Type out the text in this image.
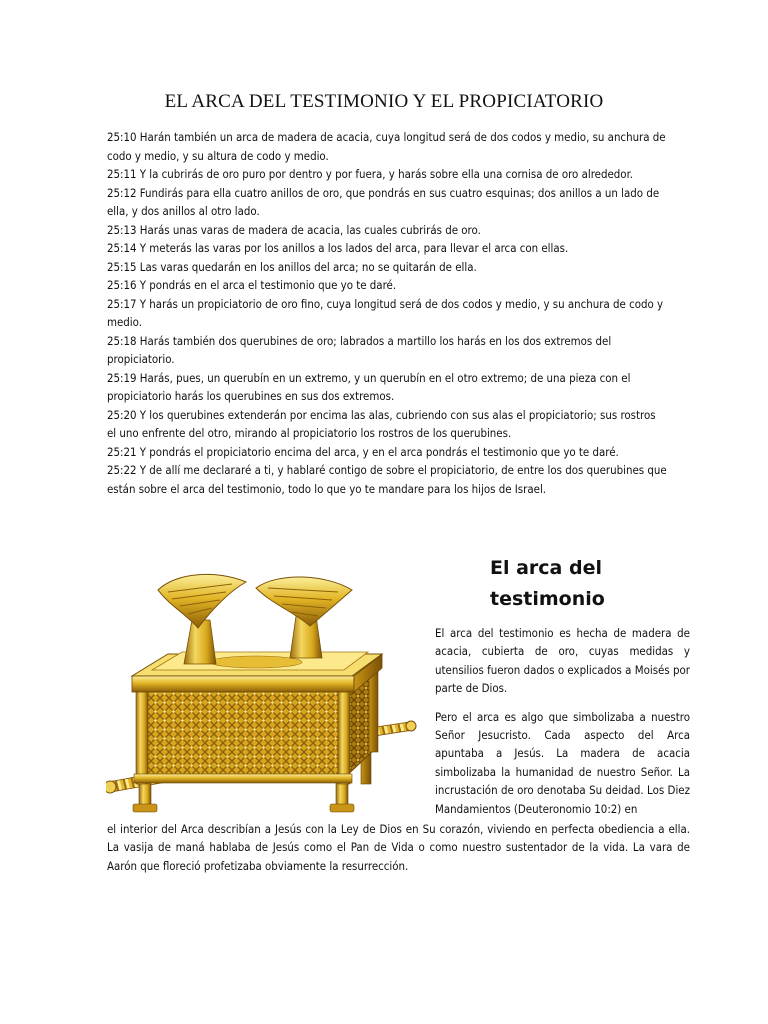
EL ARCA DEL TESTIMONIO Y EL PROPICIATORIO

25:10 Harán también un arca de madera de acacia, cuya longitud será de dos codos y medio, su anchura de codo y medio, y su altura de codo y medio.

25:11 Y la cubrirás de oro puro por dentro y por fuera, y harás sobre ella una cornisa de oro alrededor.

25:12 Fundirás para ella cuatro anillos de oro, que pondrás en sus cuatro esquinas; dos anillos a un lado de ella, y dos anillos al otro lado.

25:13 Harás unas varas de madera de acacia, las cuales cubrirás de oro.

25:14 Y meterás las varas por los anillos a los lados del arca, para llevar el arca con ellas.

25:15 Las varas quedarán en los anillos del arca; no se quitarán de ella.

25:16 Y pondrás en el arca el testimonio que yo te daré.

25:17 Y harás un propiciatorio de oro fino, cuya longitud será de dos codos y medio, y su anchura de codo y medio.

25:18 Harás también dos querubines de oro; labrados a martillo los harás en los dos extremos del propiciatorio.

25:19 Harás, pues, un querubín en un extremo, y un querubín en el otro extremo; de una pieza con el propiciatorio harás los querubines en sus dos extremos.

25:20 Y los querubines extenderán por encima las alas, cubriendo con sus alas el propiciatorio; sus rostros el uno enfrente del otro, mirando al propiciatorio los rostros de los querubines.

25:21 Y pondrás el propiciatorio encima del arca, y en el arca pondrás el testimonio que yo te daré.

25:22 Y de allí me declararé a ti, y hablaré contigo de sobre el propiciatorio, de entre los dos querubines que están sobre el arca del testimonio, todo lo que yo te mandare para los hijos de Israel.

El arca del
testimonio

El arca del testimonio es hecha de madera de acacia, cubierta de oro, cuyas medidas y utensilios fueron dados o explicados a Moisés por parte de Dios.

Pero el arca es algo que simbolizaba a nuestro Señor Jesucristo. Cada aspecto del Arca apuntaba a Jesús. La madera de acacia simbolizaba la humanidad de nuestro Señor. La incrustación de oro denotaba Su deidad. Los Diez Mandamientos (Deuteronomio 10:2) en

el interior del Arca describían a Jesús con la Ley de Dios en Su corazón, viviendo en perfecta obediencia a ella. La vasija de maná hablaba de Jesús como el Pan de Vida o como nuestro sustentador de la vida. La vara de Aarón que floreció profetizaba obviamente la resurrección.
